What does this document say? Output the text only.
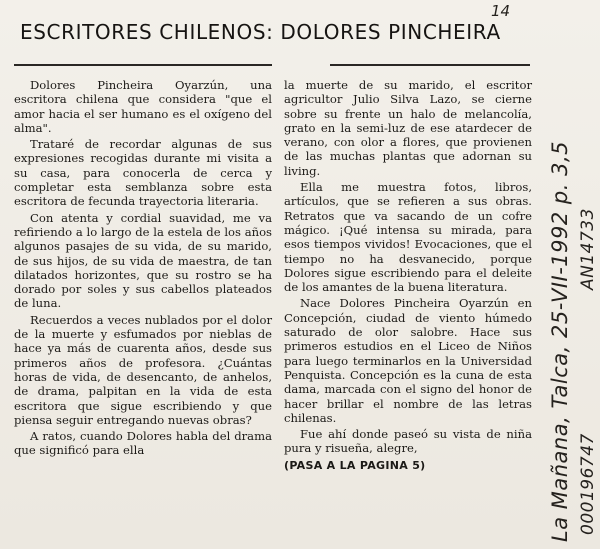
14
ESCRITORES CHILENOS: DOLORES PINCHEIRA

Dolores Pincheira Oyarzún, una escritora chilena que considera "que el amor hacia el ser humano es el oxígeno del alma".

Trataré de recordar algunas de sus expresiones recogidas durante mi visita a su casa, para conocerla de cerca y completar esta semblanza sobre esta escritora de fecunda trayectoria literaria.

Con atenta y cordial suavidad, me va refiriendo a lo largo de la estela de los años algunos pasajes de su vida, de su marido, de sus hijos, de su vida de maestra, de tan dilatados horizontes, que su rostro se ha dorado por soles y sus cabellos plateados de luna.

Recuerdos a veces nublados por el dolor de la muerte y esfumados por nieblas de hace ya más de cuarenta años, desde sus primeros años de profesora. ¿Cuántas horas de vida, de desencanto, de anhelos, de drama, palpitan en la vida de esta escritora que sigue escribiendo y que piensa seguir entregando nuevas obras?

A ratos, cuando Dolores habla del drama que significó para ella

la muerte de su marido, el escritor agricultor Julio Silva Lazo, se cierne sobre su frente un halo de melancolía, grato en la semi-luz de ese atardecer de verano, con olor a flores, que provienen de las muchas plantas que adornan su living.

Ella me muestra fotos, libros, artículos, que se refieren a sus obras. Retratos que va sacando de un cofre mágico. ¡Qué intensa su mirada, para esos tiempos vividos! Evocaciones, que el tiempo no ha desvanecido, porque Dolores sigue escribiendo para el deleite de los amantes de la buena literatura.

Nace Dolores Pincheira Oyarzún en Concepción, ciudad de viento húmedo saturado de olor salobre. Hace sus primeros estudios en el Liceo de Niños para luego terminarlos en la Universidad Penquista. Concepción es la cuna de esta dama, marcada con el signo del honor de hacer brillar el nombre de las letras chilenas.

Fue ahí donde paseó su vista de niña pura y risueña, alegre,

(PASA A LA PAGINA 5)	La Mañana, Talca, 25-VII-1992 p. 3,5 AN14733
000196747
